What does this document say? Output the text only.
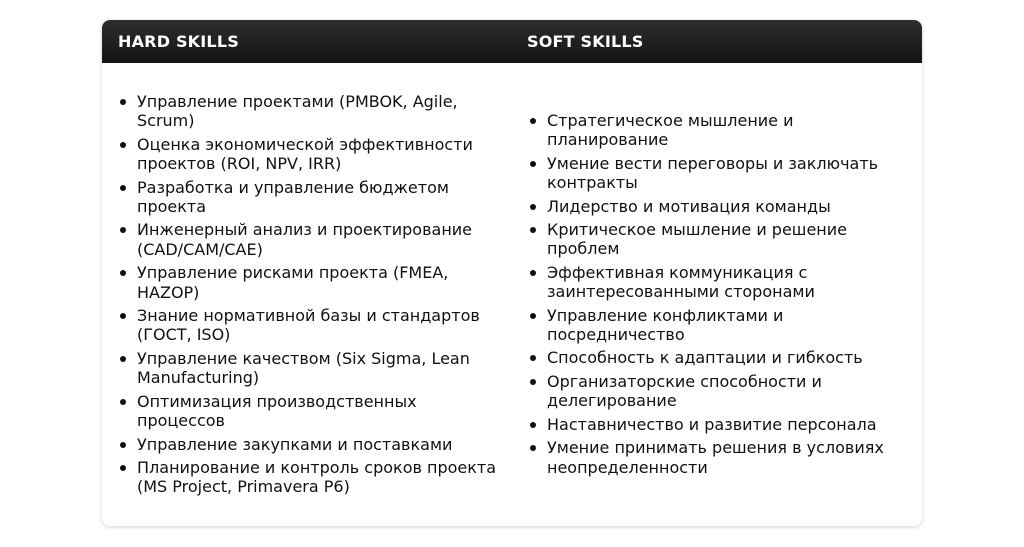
HARD SKILLS	SOFT SKILLS
Управление проектами (PMBOK, Agile, Scrum)
Оценка экономической эффективности проектов (ROI, NPV, IRR)
Разработка и управление бюджетом проекта
Инженерный анализ и проектирование (CAD/CAM/CAE)
Управление рисками проекта (FMEA, HAZOP)
Знание нормативной базы и стандартов (ГОСТ, ISO)
Управление качеством (Six Sigma, Lean Manufacturing)
Оптимизация производственных процессов
Управление закупками и поставками
Планирование и контроль сроков проекта (MS Project, Primavera P6)
Стратегическое мышление и планирование
Умение вести переговоры и заключать контракты
Лидерство и мотивация команды
Критическое мышление и решение проблем
Эффективная коммуникация с заинтересованными сторонами
Управление конфликтами и посредничество
Способность к адаптации и гибкость
Организаторские способности и делегирование
Наставничество и развитие персонала
Умение принимать решения в условиях неопределенности
